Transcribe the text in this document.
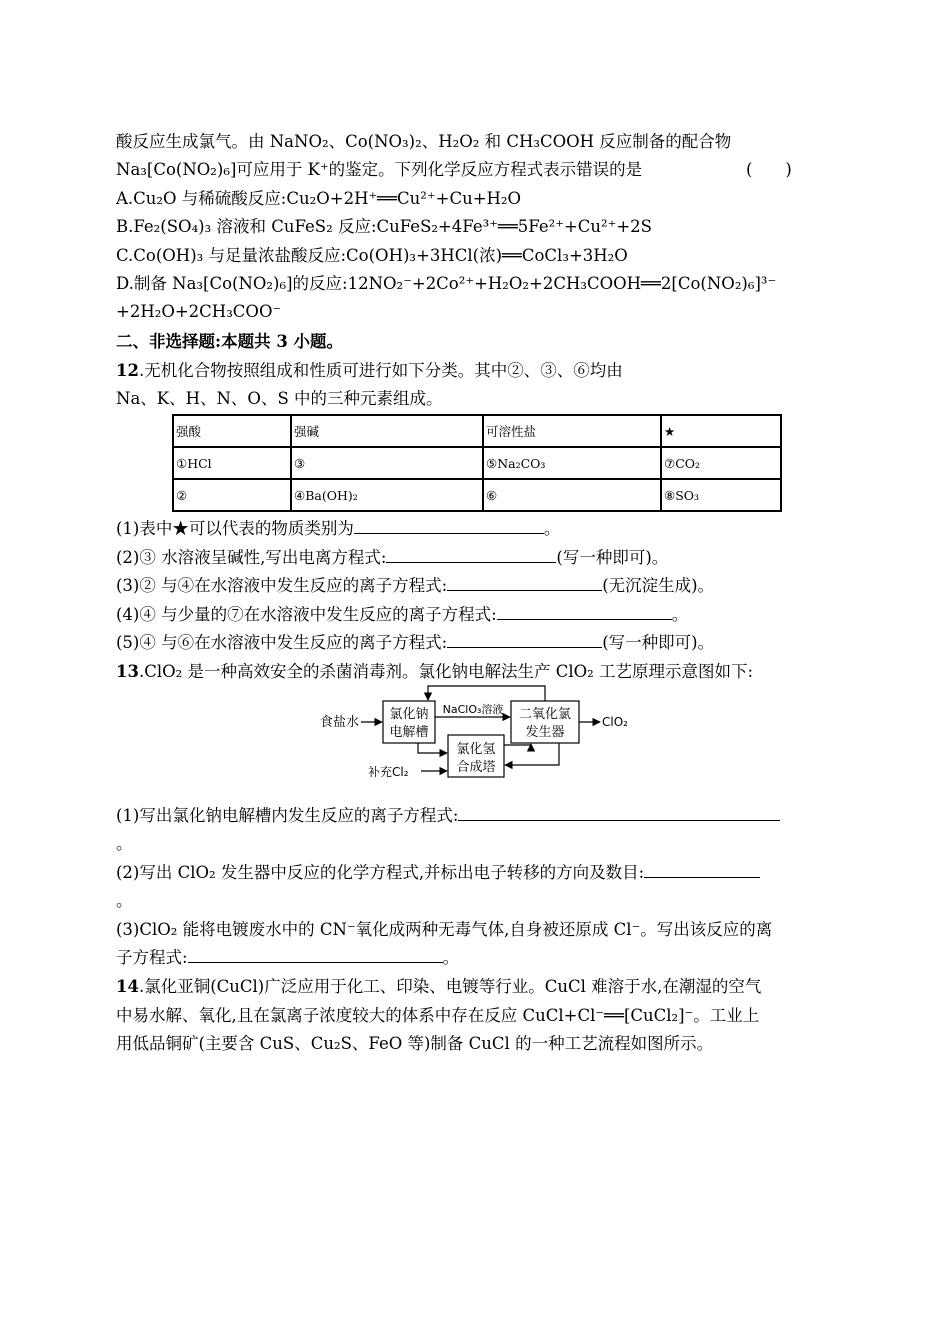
酸反应生成氯气。由 NaNO₂、Co(NO₃)₂、H₂O₂ 和 CH₃COOH 反应制备的配合物
Na₃[Co(NO₂)₆]可应用于 K⁺的鉴定。下列化学反应方程式表示错误的是	(　　)
A.Cu₂O 与稀硫酸反应:Cu₂O+2H⁺══Cu²⁺+Cu+H₂O
B.Fe₂(SO₄)₃ 溶液和 CuFeS₂ 反应:CuFeS₂+4Fe³⁺══5Fe²⁺+Cu²⁺+2S
C.Co(OH)₃ 与足量浓盐酸反应:Co(OH)₃+3HCl(浓)══CoCl₃+3H₂O
D.制备 Na₃[Co(NO₂)₆]的反应:12NO₂⁻+2Co²⁺+H₂O₂+2CH₃COOH══2[Co(NO₂)₆]³⁻
+2H₂O+2CH₃COO⁻
二、非选择题:本题共 3 小题。
12.无机化合物按照组成和性质可进行如下分类。其中②、③、⑥均由
Na、K、H、N、O、S 中的三种元素组成。
强酸	强碱	可溶性盐	★
①HCl	③	⑤Na₂CO₃	⑦CO₂
②	④Ba(OH)₂	⑥	⑧SO₃
(1)表中★可以代表的物质类别为	。
(2)③ 水溶液呈碱性,写出电离方程式:	(写一种即可)。
(3)② 与④在水溶液中发生反应的离子方程式:	(无沉淀生成)。
(4)④ 与少量的⑦在水溶液中发生反应的离子方程式:	。
(5)④ 与⑥在水溶液中发生反应的离子方程式:	(写一种即可)。
13.ClO₂ 是一种高效安全的杀菌消毒剂。氯化钠电解法生产 ClO₂ 工艺原理示意图如下:
食盐水
氯化钠
电解槽
NaClO₃溶液 二氧化氯
发生器
ClO₂
氯化氢
合成塔
补充Cl₂
(1)写出氯化钠电解槽内发生反应的离子方程式:
。
(2)写出 ClO₂ 发生器中反应的化学方程式,并标出电子转移的方向及数目:
。
(3)ClO₂ 能将电镀废水中的 CN⁻氧化成两种无毒气体,自身被还原成 Cl⁻。写出该反应的离
子方程式:	。
14.氯化亚铜(CuCl)广泛应用于化工、印染、电镀等行业。CuCl 难溶于水,在潮湿的空气
中易水解、氧化,且在氯离子浓度较大的体系中存在反应 CuCl+Cl⁻══[CuCl₂]⁻。工业上
用低品铜矿(主要含 CuS、Cu₂S、FeO 等)制备 CuCl 的一种工艺流程如图所示。
